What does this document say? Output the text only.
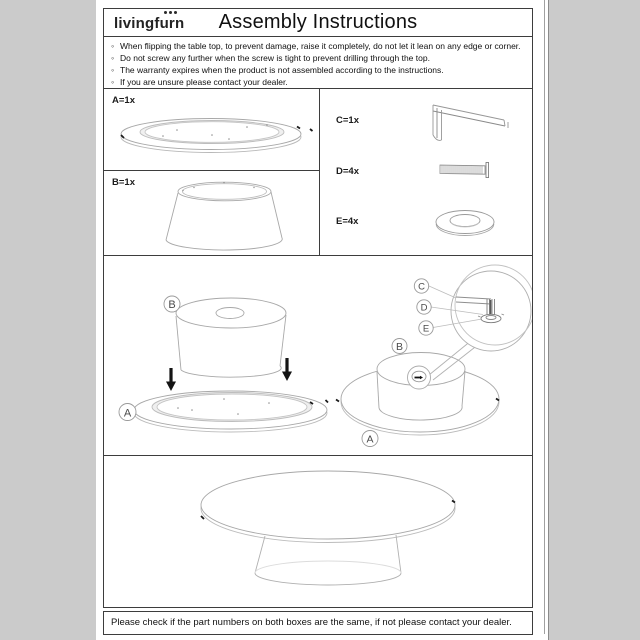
livingfurn	Assembly Instructions
◦ When flipping the table top, to prevent damage, raise it completely, do not let it lean on any edge or corner.
◦ Do not screw any further when the screw is tight to prevent drilling through the top.
◦ The warranty expires when the product is not assembled according to the instructions.
◦ If you are unsure please contact your dealer.
A=1x
B=1x
C=1x
D=4x
E=4x
B
A
C
D
E
B
A
Please check if the part numbers on both boxes are the same, if not please contact your dealer.
